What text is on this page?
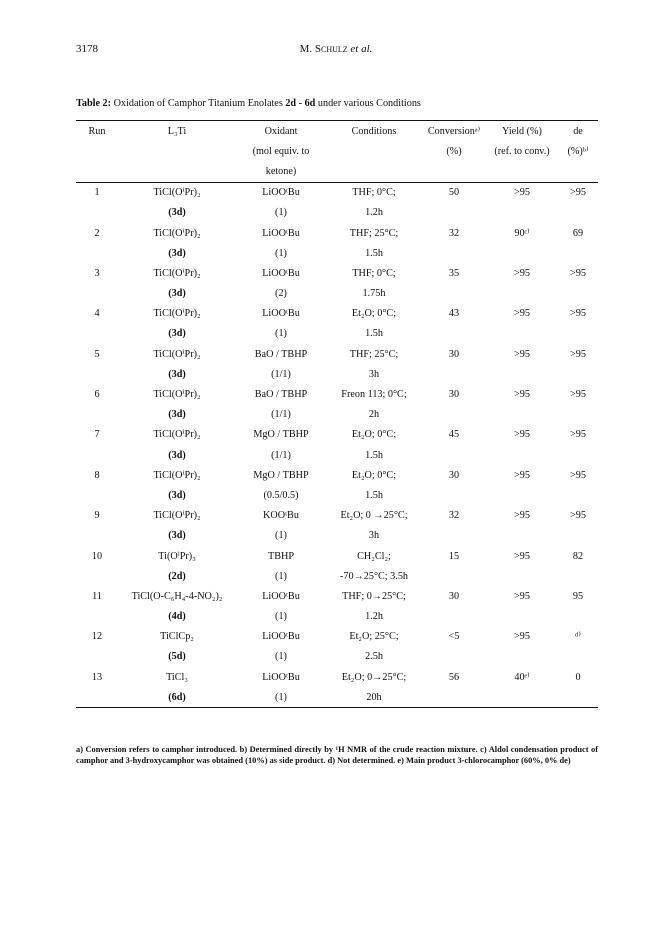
3178	M. Schulz et al.
Table 2: Oxidation of Camphor Titanium Enolates 2d - 6d under various Conditions
Run	L₃Ti	Oxidant	Conditions	Conversionᵃ⁾	Yield (%)	de
		(mol equiv. to		(%)	(ref. to conv.)	(%)ᵇ⁾
		ketone)				
1	TiCl(OⁱPr)₂	LiOOᵗBu	THF; 0°C;	50	>95	>95
	(3d)	(1)	1.2h			
2	TiCl(OⁱPr)₂	LiOOᵗBu	THF; 25°C;	32	90ᶜ⁾	69
	(3d)	(1)	1.5h			
3	TiCl(OⁱPr)₂	LiOOᵗBu	THF; 0°C;	35	>95	>95
	(3d)	(2)	1.75h			
4	TiCl(OⁱPr)₂	LiOOᵗBu	Et₂O; 0°C;	43	>95	>95
	(3d)	(1)	1.5h			
5	TiCl(OⁱPr)₂	BaO / TBHP	THF; 25°C;	30	>95	>95
	(3d)	(1/1)	3h			
6	TiCl(OⁱPr)₂	BaO / TBHP	Freon 113; 0°C;	30	>95	>95
	(3d)	(1/1)	2h			
7	TiCl(OⁱPr)₂	MgO / TBHP	Et₂O; 0°C;	45	>95	>95
	(3d)	(1/1)	1.5h			
8	TiCl(OⁱPr)₂	MgO / TBHP	Et₂O; 0°C;	30	>95	>95
	(3d)	(0.5/0.5)	1.5h			
9	TiCl(OⁱPr)₂	KOOᵗBu	Et₂O; 0 →25°C;	32	>95	>95
	(3d)	(1)	3h			
10	Ti(OⁱPr)₃	TBHP	CH₂Cl₂;	15	>95	82
	(2d)	(1)	-70→25°C; 3.5h			
11	TiCl(O-C₆H₄-4-NO₂)₂	LiOOᵗBu	THF; 0→25°C;	30	>95	95
	(4d)	(1)	1.2h			
12	TiClCp₂	LiOOᵗBu	Et₂O; 25°C;	<5	>95	ᵈ⁾
	(5d)	(1)	2.5h			
13	TiCl₃	LiOOᵗBu	Et₂O; 0→25°C;	56	40ᵉ⁾	0
	(6d)	(1)	20h			
a) Conversion refers to camphor introduced. b) Determined directly by ¹H NMR of the crude reaction mixture. c) Aldol condensation product of camphor and 3-hydroxycamphor was obtained (10%) as side product. d) Not determined. e) Main product 3-chlorocamphor (60%, 0% de)
